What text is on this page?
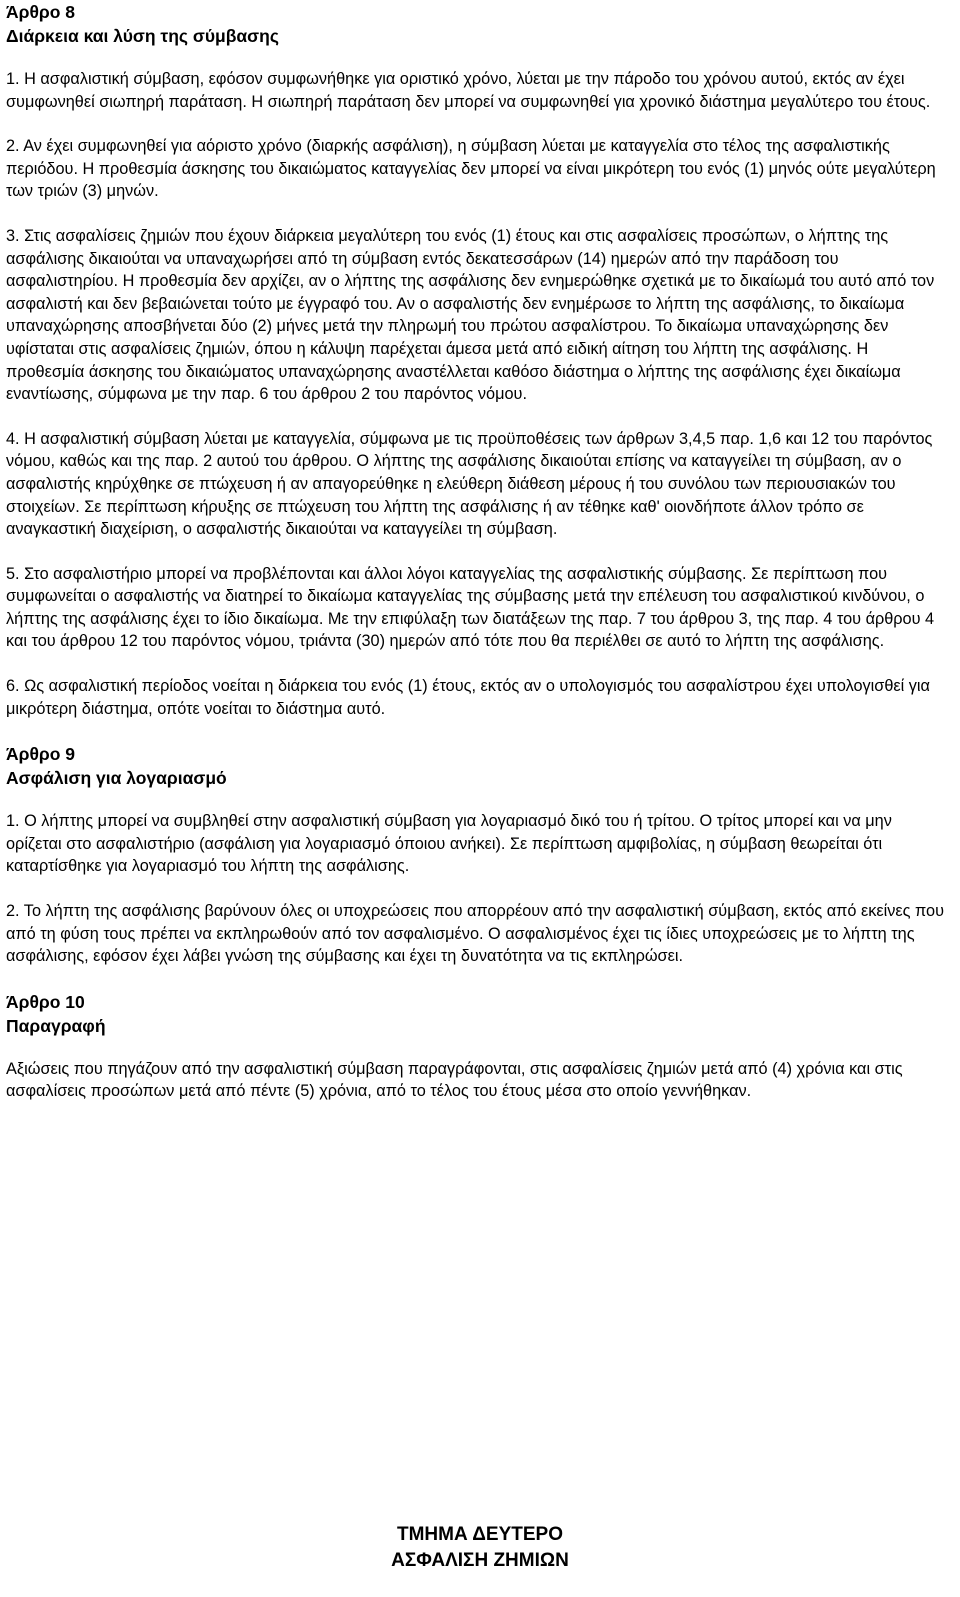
Άρθρο 8

Διάρκεια και λύση της σύμβασης

1. Η ασφαλιστική σύμβαση, εφόσον συμφωνήθηκε για οριστικό χρόνο, λύεται με την πάροδο του χρόνου αυτού, εκτός αν έχει συμφωνηθεί σιωπηρή παράταση. Η σιωπηρή παράταση δεν μπορεί να συμφωνηθεί για χρονικό διάστημα μεγαλύτερο του έτους.

2. Αν έχει συμφωνηθεί για αόριστο χρόνο (διαρκής ασφάλιση), η σύμβαση λύεται με καταγγελία στο τέλος της ασφαλιστικής περιόδου. Η προθεσμία άσκησης του δικαιώματος καταγγελίας δεν μπορεί να είναι μικρότερη του ενός (1) μηνός ούτε μεγαλύτερη των τριών (3) μηνών.

3. Στις ασφαλίσεις ζημιών που έχουν διάρκεια μεγαλύτερη του ενός (1) έτους και στις ασφαλίσεις προσώπων, ο λήπτης της ασφάλισης δικαιούται να υπαναχωρήσει από τη σύμβαση εντός δεκατεσσάρων (14) ημερών από την παράδοση του ασφαλιστηρίου. Η προθεσμία δεν αρχίζει, αν ο λήπτης της ασφάλισης δεν ενημερώθηκε σχετικά με το δικαίωμά του αυτό από τον ασφαλιστή και δεν βεβαιώνεται τούτο με έγγραφό του. Αν ο ασφαλιστής δεν ενημέρωσε το λήπτη της ασφάλισης, το δικαίωμα υπαναχώρησης αποσβήνεται δύο (2) μήνες μετά την πληρωμή του πρώτου ασφαλίστρου. Το δικαίωμα υπαναχώρησης δεν υφίσταται στις ασφαλίσεις ζημιών, όπου η κάλυψη παρέχεται άμεσα μετά από ειδική αίτηση του λήπτη της ασφάλισης. Η προθεσμία άσκησης του δικαιώματος υπαναχώρησης αναστέλλεται καθόσο διάστημα ο λήπτης της ασφάλισης έχει δικαίωμα εναντίωσης, σύμφωνα με την παρ. 6 του άρθρου 2 του παρόντος νόμου.

4. Η ασφαλιστική σύμβαση λύεται με καταγγελία, σύμφωνα με τις προϋποθέσεις των άρθρων 3,4,5 παρ. 1,6 και 12 του παρόντος νόμου, καθώς και της παρ. 2 αυτού του άρθρου. Ο λήπτης της ασφάλισης δικαιούται επίσης να καταγγείλει τη σύμβαση, αν ο ασφαλιστής κηρύχθηκε σε πτώχευση ή αν απαγορεύθηκε η ελεύθερη διάθεση μέρους ή του συνόλου των περιουσιακών του στοιχείων. Σε περίπτωση κήρυξης σε πτώχευση του λήπτη της ασφάλισης ή αν τέθηκε καθ' οιονδήποτε άλλον τρόπο σε αναγκαστική διαχείριση, ο ασφαλιστής δικαιούται να καταγγείλει τη σύμβαση.

5. Στο ασφαλιστήριο μπορεί να προβλέπονται και άλλοι λόγοι καταγγελίας της ασφαλιστικής σύμβασης. Σε περίπτωση που συμφωνείται ο ασφαλιστής να διατηρεί το δικαίωμα καταγγελίας της σύμβασης μετά την επέλευση του ασφαλιστικού κινδύνου, ο λήπτης της ασφάλισης έχει το ίδιο δικαίωμα. Με την επιφύλαξη των διατάξεων της παρ. 7 του άρθρου 3, της παρ. 4 του άρθρου 4 και του άρθρου 12 του παρόντος νόμου, τριάντα (30) ημερών από τότε που θα περιέλθει σε αυτό το λήπτη της ασφάλισης.

6. Ως ασφαλιστική περίοδος νοείται η διάρκεια του ενός (1) έτους, εκτός αν ο υπολογισμός του ασφαλίστρου έχει υπολογισθεί για μικρότερη διάστημα, οπότε νοείται το διάστημα αυτό.

Άρθρο 9

Ασφάλιση για λογαριασμό

1. Ο λήπτης μπορεί να συμβληθεί στην ασφαλιστική σύμβαση για λογαριασμό δικό του ή τρίτου. Ο τρίτος μπορεί και να μην ορίζεται στο ασφαλιστήριο (ασφάλιση για λογαριασμό όποιου ανήκει). Σε περίπτωση αμφιβολίας, η σύμβαση θεωρείται ότι καταρτίσθηκε για λογαριασμό του λήπτη της ασφάλισης.

2. Το λήπτη της ασφάλισης βαρύνουν όλες οι υποχρεώσεις που απορρέουν από την ασφαλιστική σύμβαση, εκτός από εκείνες που από τη φύση τους πρέπει να εκπληρωθούν από τον ασφαλισμένο. Ο ασφαλισμένος έχει τις ίδιες υποχρεώσεις με το λήπτη της ασφάλισης, εφόσον έχει λάβει γνώση της σύμβασης και έχει τη δυνατότητα να τις εκπληρώσει.

Άρθρο 10

Παραγραφή

Αξιώσεις που πηγάζουν από την ασφαλιστική σύμβαση παραγράφονται, στις ασφαλίσεις ζημιών μετά από (4) χρόνια και στις ασφαλίσεις προσώπων μετά από πέντε (5) χρόνια, από το τέλος του έτους μέσα στο οποίο γεννήθηκαν.

ΤΜΗΜΑ ΔΕΥΤΕΡΟ
ΑΣΦΑΛΙΣΗ ΖΗΜΙΩΝ
